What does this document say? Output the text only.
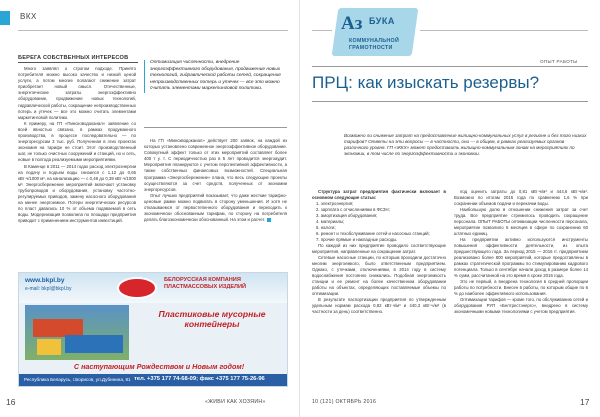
ВКХ
БЕРЕГА СОБСТВЕННЫХ ИНТЕРЕСОВ

Много заявлял о строгом подходе. Принято потребителя можно высоко качество и низкой ценой услуги, а потом многие полагают снижение затрат приобретает новый смысл. Отечественные, энергетические затраты энергоэффективно оборудование, продвижение новых технологий, гидравлической работы, сокращение непроизводственных потерь и утечек — все это можно считать элементами маркетинговой политики.

К примеру, на ГП «Пинсководоканал» заявление со всей явностью связано, в рамках продуманного производства, в процессе последовательно — по энергоресурсам 3 тыс. руб. Полученная в этих проектах экономия на тарифе не стоит. Этот производственный шаг, не только очистных сооружений и станций, но и сеть, новые в полгода реализуемыми мероприятиями.

В Каменце в 2011 — 2014 годах расход электроэнергии на подачу и подъем воды снизился с 1,12 до 0,65 кВт·ч/1000 м³, на канализацию — с 0,48 до 0,39 кВт·ч/1000 м³. Энергосбережение мероприятий включают установку трубопроводов и оборудования, установку частотно-регулируемых приводов, замену насосного оборудования на менее энергоемкое. Потери энергетических ресурсов по пласт давались 10 % от объема подаваемой в сеть воды. Модернизация позволила по площади предприятия приводит с применением инструментов инвестиций.

Оптимизация численности, внедрение энергоэффективного оборудования, продвижение новых технологий, гидравлической работы сетей, сокращение непроизводственных потерь и утечек — все это можно считать элементами маркетинговой политики.

На ГП «Минскводоканал» действует 200 заявок, на каждой из которых установлено современное энергоэффективное оборудование. Совокупный эффект только от этих мероприятий составляет более 400 т у. т. С периодичностью раз в 5 лет проводится энергоаудит. Мероприятия планируются с учетом перспективной эффективности, а также собственных финансовых возможностей. Специальная программа «Энергосбережение» плана, что весь следующие проекты осуществляются за счет средств, полученных от экономии энергоресурсов.

Опыт лучших предприятий показывает, что даже жесткие тарифно-ценовые рамки можно подвигать в сторону уменьшения. И хотя не отказываемся от первостепенного оборудования и переходить к экономически обоснованным тарифам, по сторону на потребителя делать благоэкономически обоснованный. На этом и расчет.

www.bkpl.by
e-mail: bkpl@bkpl.by
БЕЛОРУССКАЯ КОМПАНИЯ ПЛАСТМАССОВЫХ ИЗДЕЛИЙ
Пластиковые мусорные контейнеры
С наступающим Рождеством и Новым годом!
Республика Беларусь, г.Борисов, ул.Дубинина, 81 тел. +375 177 74-68-09; факс +375 177 75-26-96
16	«ЖИВИ КАК ХОЗЯИН»
Аз БУКА
КОММУНАЛЬНОЙ
ГРАМОТНОСТИ
ОПЫТ РАБОТЫ
ПРЦ: как изыскать резервы?
Возможно ли снижение затрат на предоставление жилищно-коммунальных услуг в регионе и без того низких тарифов? Ответы на эти вопросы — в частности, они — в общем, в рамках реализуемых органов различного уровня. ГП «ЖКХ» может предоставить жилищно-коммунальным зонам на мероприятиях по экономии, в том числе по энергоэффективности и экономии.

Структура затрат предприятия фактически включает в основном следующие статьи:

1. электроэнергия;
2. зарплата с отчислениями в ФСЗН;
3. амортизация оборудования;
4. материалы;
5. налоги;
6. ремонт и техобслуживание сетей и насосных станций;
7. прочие прямые и накладные расходы.

По каждой из них предприятие проводило соответствующие мероприятия, направленные на сокращение затрат.

Сетевые насосные станции, по которым проходили достаточно многим энергоемкого, было ответственным предприятием. Однако, с утечками, отключениями, в 2014 году в систему водоснабжения постоянно снижались. Подобная энергоемкость станции и ее ремонт на более качественном оборудовании работы на объектах, определяющих поставляемые объемы по оптимизации.

В результате паспортизации предприятия по утвержденным удельным нормам расхода 0,82 кВт·ч/м³ и 440,3 кВт·ч/м³ (в частности за день) соответственно.

под оценить затраты до 0,81 кВт·ч/м³ и 444,6 кВт·ч/м³. Возможно по итогам 2015 года по сравнению 1,6 % при сохранении объемов подачи и перекачки воды.

Наибольшую долю в отношении снижения затрат за счет труда. Все предприятие стремилось проводить сокращение персонала. ОПЫТ РАБОТЫ оптимизации численности персонала, мероприятие позволило 6 месяцев в сфере по сохранению 60 штатных единиц.

На предприятии активно используются инструменты повышения эффективности деятельности, из опыта предшествующего года. За период 2015 — 2016 гг. предприятием реализовано более 800 мероприятий, которые предоставлены в рамках стратегической программы по стимулированию кадрового потенциала. Только в сентябре начали доход в размере более 14 % сумм, рассчитанной на это время в сроке 2016 года.

Это не первый, а внедрена технология в средней пропорции работы по потребности. Внесен в работы, по которым общие по 6 % до наиболее эффективного использования.

Оптимизации тарифов — кроме того, по обслуживанию сетей и оборудования РУП «Белтрестэнерго», внедрено в систему экономичными новыми технологиями с учетом предприятия.

10 (121) ОКТЯБРЬ 2016	17
